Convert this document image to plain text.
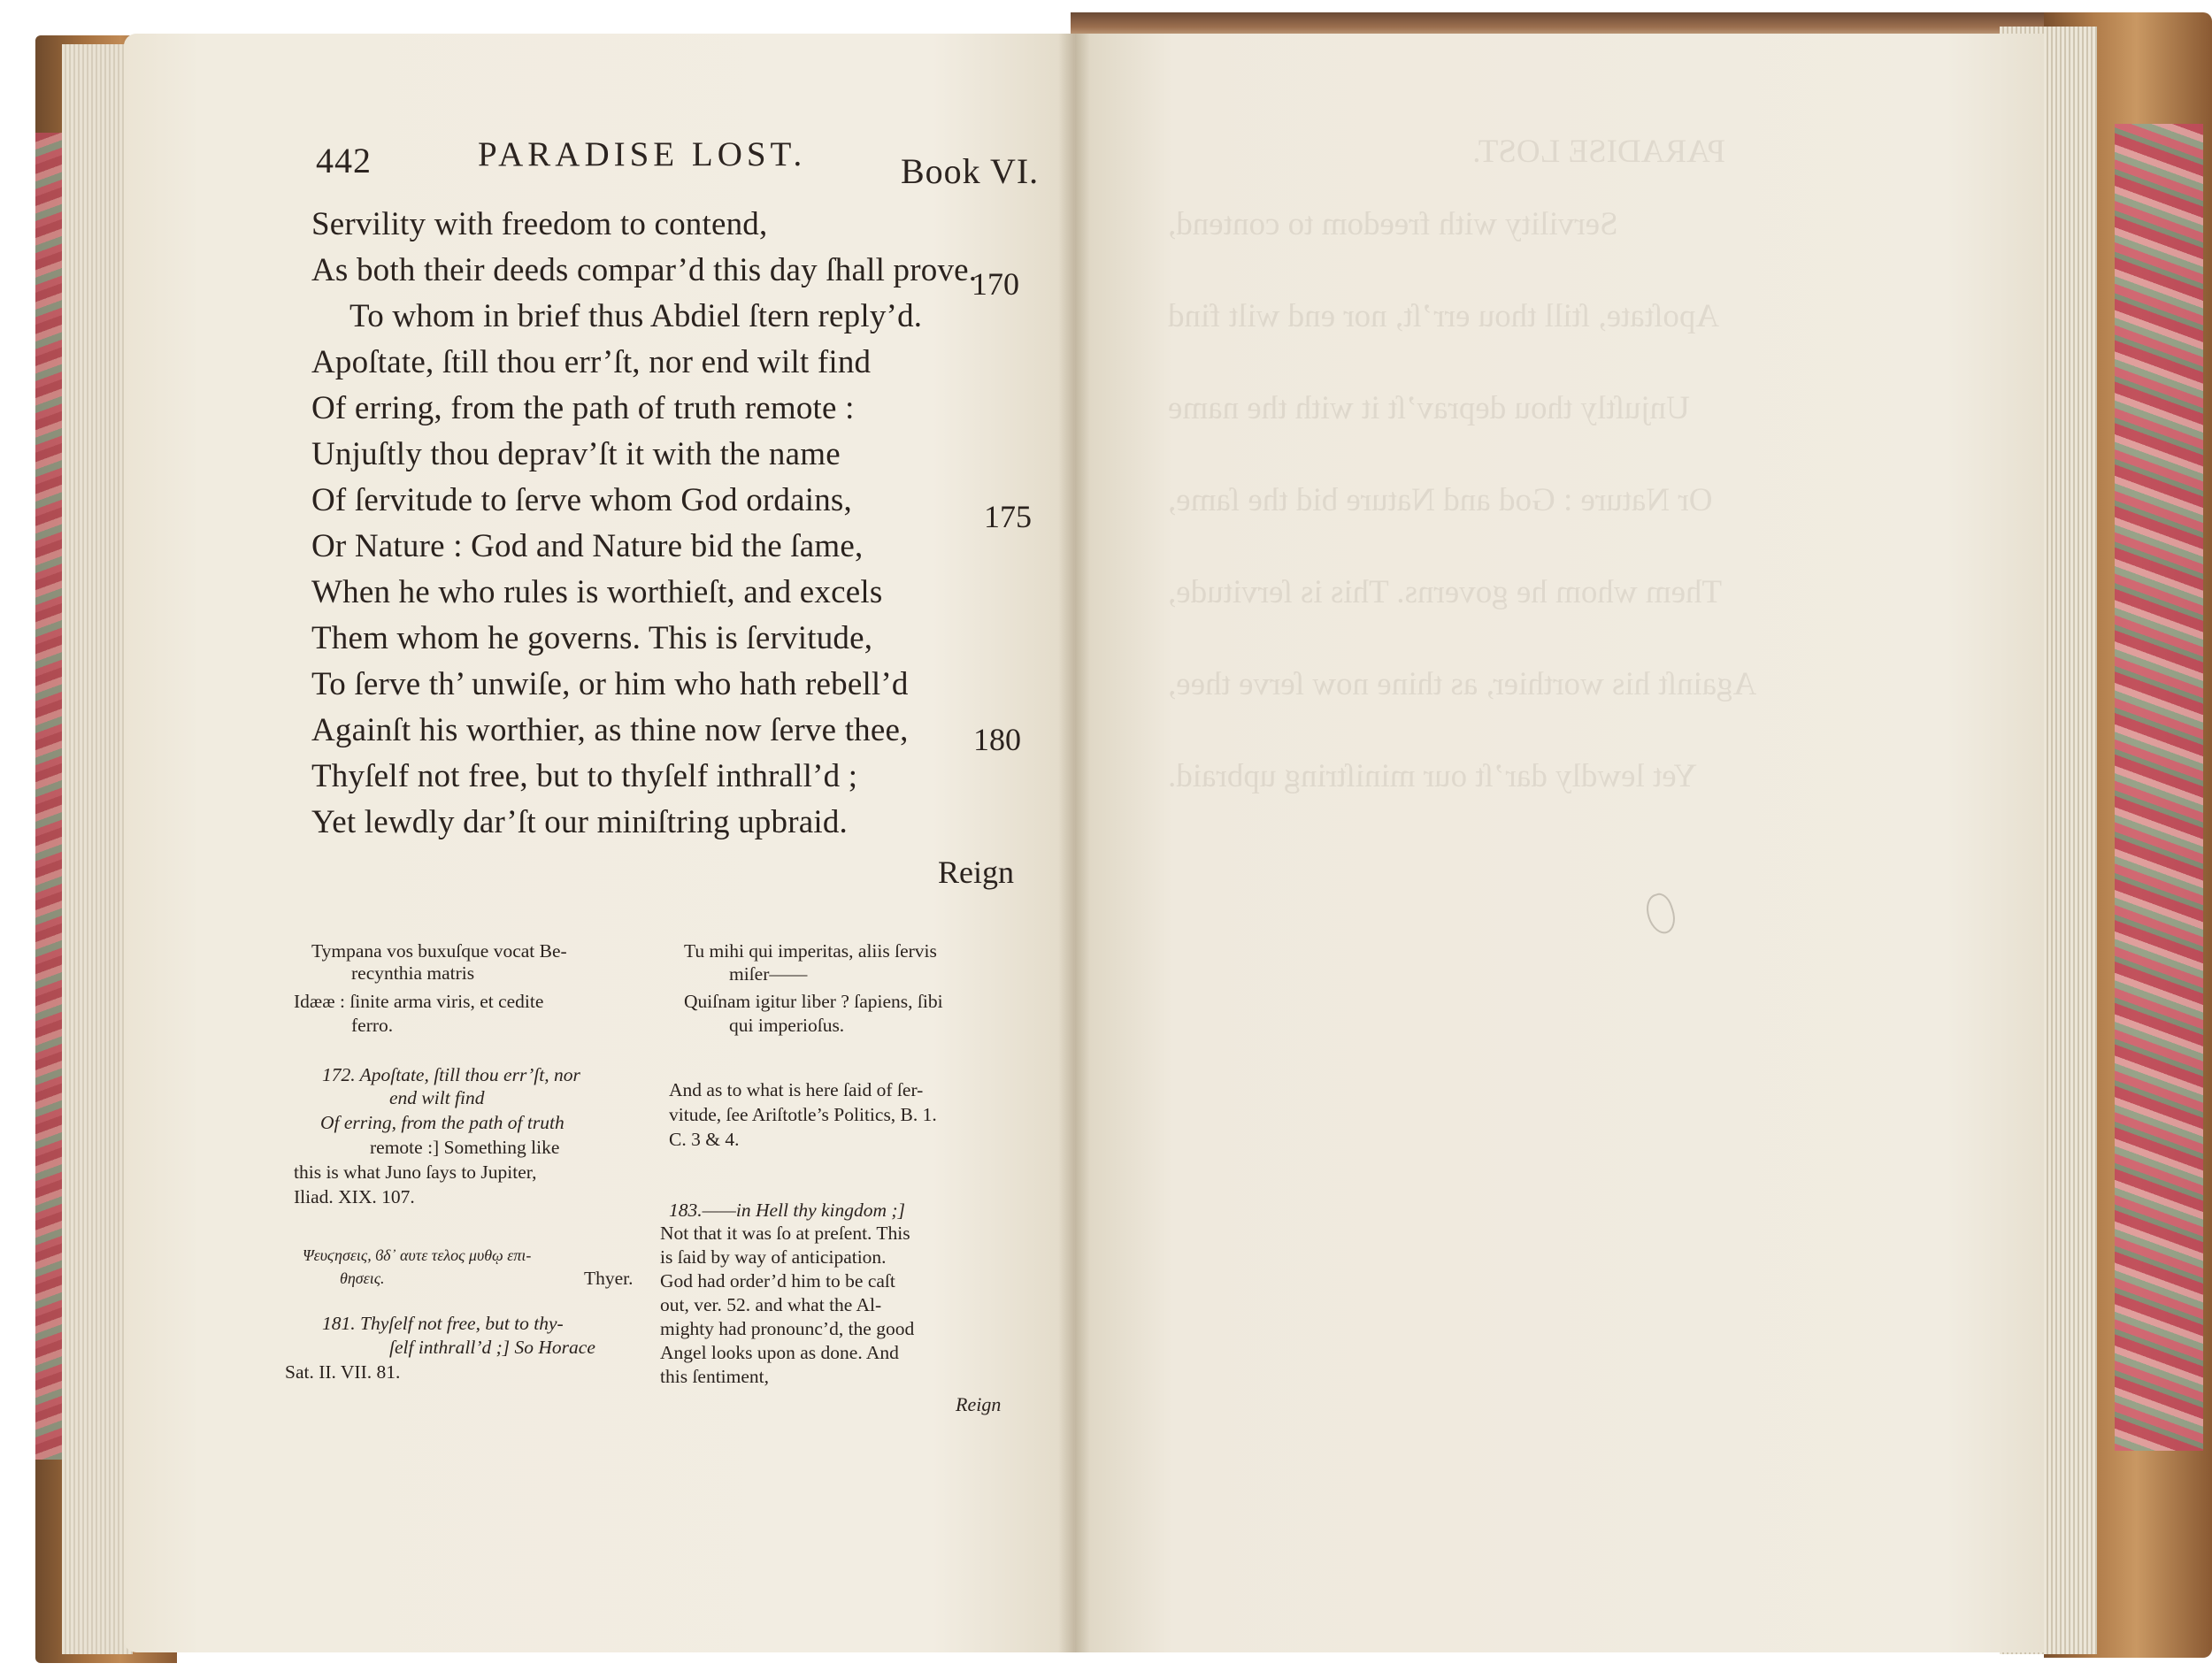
442	PARADISE LOST.	Book VI.
Servility with freedom to contend,
As both their deeds compar’d this day ſhall prove.
170
To whom in brief thus Abdiel ſtern reply’d.
Apoſtate, ſtill thou err’ſt, nor end wilt find
Of erring, from the path of truth remote :
Unjuſtly thou deprav’ſt it with the name
Of ſervitude to ſerve whom God ordains,	175
Or Nature : God and Nature bid the ſame,
When he who rules is worthieſt, and excels
Them whom he governs. This is ſervitude,
To ſerve th’ unwiſe, or him who hath rebell’d
Againſt his worthier, as thine now ſerve thee, 180
Thyſelf not free, but to thyſelf inthrall’d ;
Yet lewdly dar’ſt our miniſtring upbraid.
Reign
Tympana vos buxuſque vocat Be-
recynthia matris
Idææ : ſinite arma viris, et cedite
ferro.
172. Apoſtate, ſtill thou err’ſt, nor
end wilt find
Of erring, from the path of truth
remote :] Something like
this is what Juno ſays to Jupiter,
Iliad. XIX. 107.
Ψευϛησεις, ϐδ᾽ αυτε τελος μυθῳ επι-
θησεις.	Thyer.
181. Thyſelf not free, but to thy-
ſelf inthrall’d ;] So Horace
Sat. II. VII. 81.
Tu mihi qui imperitas, aliis ſervis
miſer——
Quiſnam igitur liber ? ſapiens, ſibi
qui imperioſus.
And as to what is here ſaid of ſer-
vitude, ſee Ariſtotle’s Politics, B. 1.
C. 3 & 4.
183.——in Hell thy kingdom ;]
Not that it was ſo at preſent. This
is ſaid by way of anticipation.
God had order’d him to be caſt
out, ver. 52. and what the Al-
mighty had pronounc’d, the good
Angel looks upon as done. And
this ſentiment,
Reign
PARADISE LOST.
Servility with freedom to contend,
Apoſtate, ſtill thou err’ſt, nor end wilt find
Unjuſtly thou deprav’ſt it with the name
Or Nature : God and Nature bid the ſame,
Them whom he governs. This is ſervitude,
Againſt his worthier, as thine now ſerve thee,
Yet lewdly dar’ſt our miniſtring upbraid.
